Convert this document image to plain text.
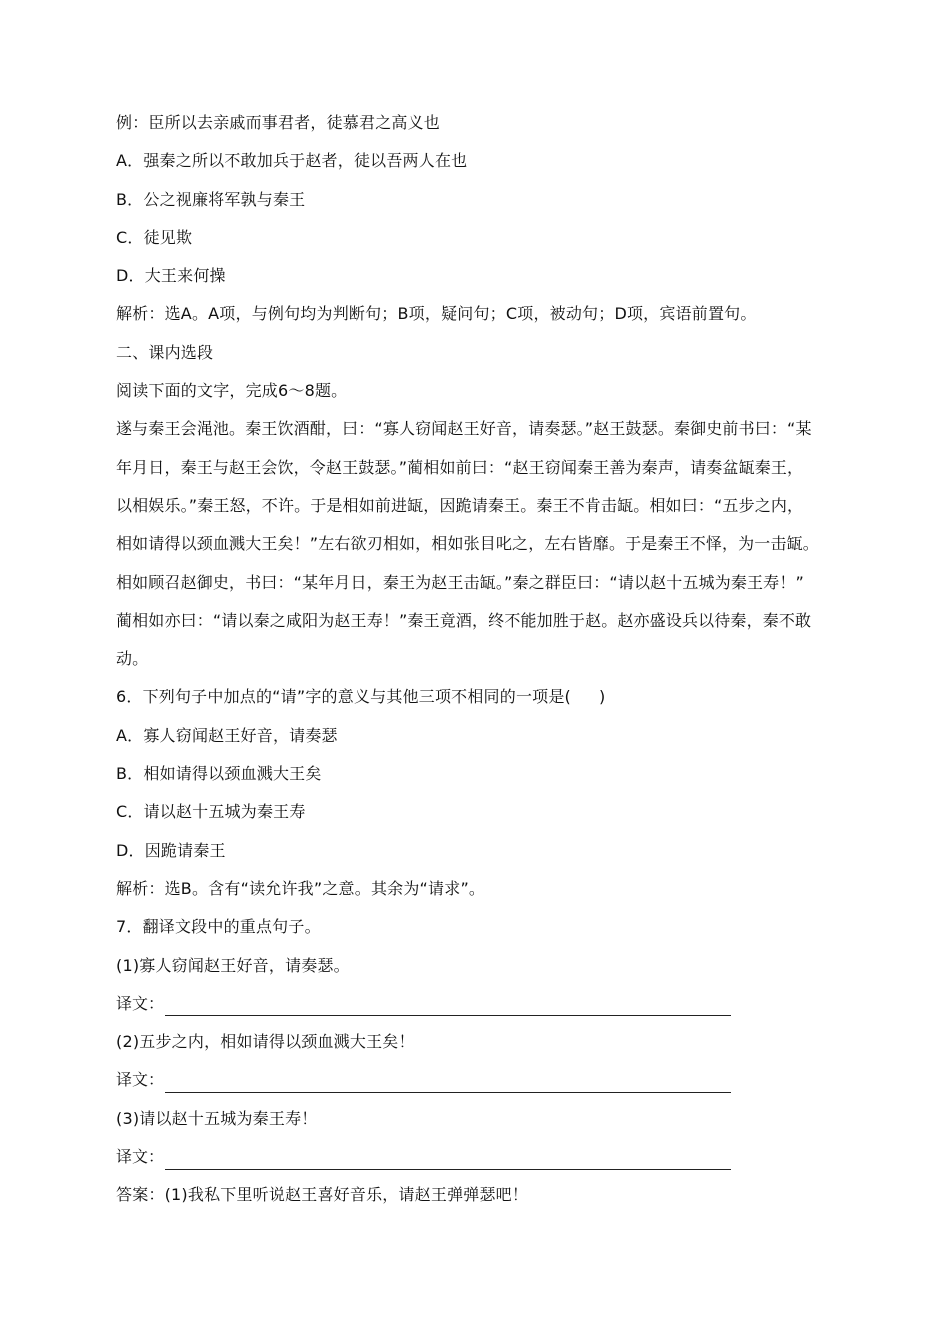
例：臣所以去亲戚而事君者，徒慕君之高义也
A．强秦之所以不敢加兵于赵者，徒以吾两人在也
B．公之视廉将军孰与秦王
C．徒见欺
D．大王来何操
解析：选A。A项，与例句均为判断句；B项，疑问句；C项，被动句；D项，宾语前置句。
二、课内选段
阅读下面的文字，完成6～8题。
遂与秦王会渑池。秦王饮酒酣，曰：“寡人窃闻赵王好音，请奏瑟。”赵王鼓瑟。秦御史前书曰：“某
年月日，秦王与赵王会饮，令赵王鼓瑟。”蔺相如前曰：“赵王窃闻秦王善为秦声，请奏盆缻秦王，
以相娱乐。”秦王怒，不许。于是相如前进缻，因跪请秦王。秦王不肯击缻。相如曰：“五步之内，
相如请得以颈血溅大王矣！”左右欲刃相如，相如张目叱之，左右皆靡。于是秦王不怿，为一击缻。
相如顾召赵御史，书曰：“某年月日，秦王为赵王击缻。”秦之群臣曰：“请以赵十五城为秦王寿！”
蔺相如亦曰：“请以秦之咸阳为赵王寿！”秦王竟酒，终不能加胜于赵。赵亦盛设兵以待秦，秦不敢
动。
6．下列句子中加点的“请”字的意义与其他三项不相同的一项是( )
A．寡人窃闻赵王好音，请奏瑟
B．相如请得以颈血溅大王矣
C．请以赵十五城为秦王寿
D．因跪请秦王
解析：选B。含有“读允许我”之意。其余为“请求”。
7．翻译文段中的重点句子。
(1)寡人窃闻赵王好音，请奏瑟。
译文：
(2)五步之内，相如请得以颈血溅大王矣！
译文：
(3)请以赵十五城为秦王寿！
译文：
答案：(1)我私下里听说赵王喜好音乐，请赵王弹弹瑟吧！
